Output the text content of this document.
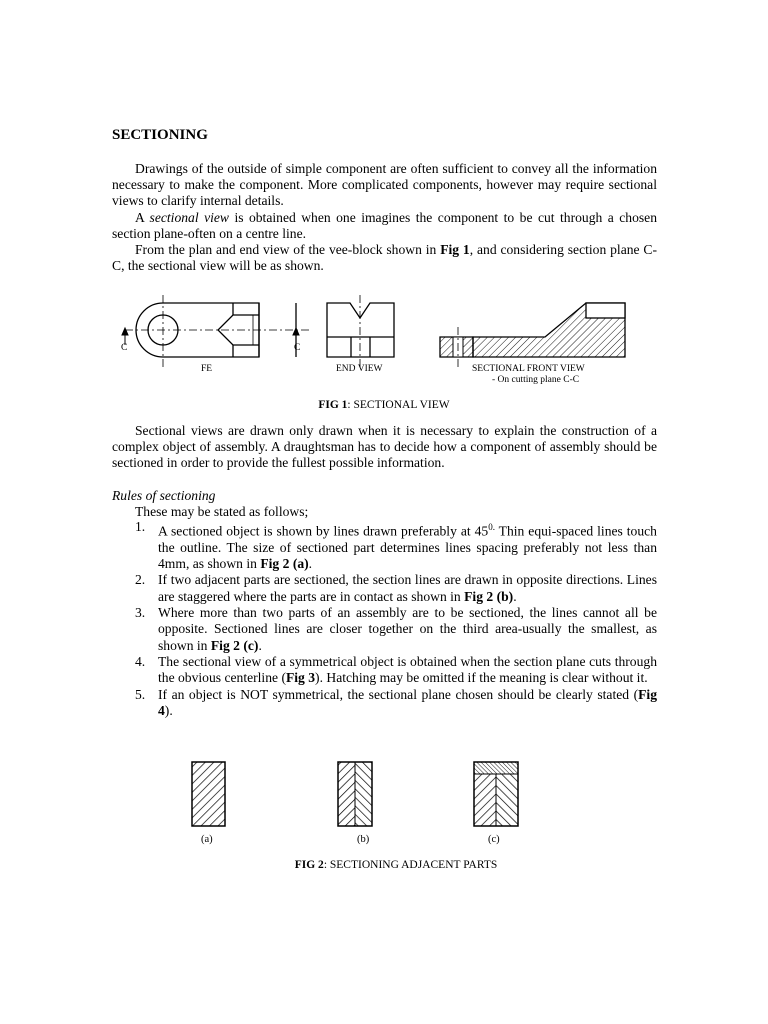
SECTIONING
Drawings of the outside of simple component are often sufficient to convey all the information necessary to make the component. More complicated components, however may require sectional views to clarify internal details.
A sectional view is obtained when one imagines the component to be cut through a chosen section plane-often on a centre line.
From the plan and end view of the vee-block shown in Fig 1, and considering section plane C-C, the sectional view will be as shown.
C	C
FE	END VIEW	SECTIONAL FRONT VIEW
- On cutting plane C-C
FIG 1: SECTIONAL VIEW
Sectional views are drawn only drawn when it is necessary to explain the construction of a complex object of assembly. A draughtsman has to decide how a component of assembly should be sectioned in order to provide the fullest possible information.
Rules of sectioning
These may be stated as follows;
1. A sectioned object is shown by lines drawn preferably at $45^{0.}$ Thin equi-spaced lines touch the outline. The size of sectioned part determines lines spacing preferably not less than 4mm, as shown in Fig 2 (a).
2. If two adjacent parts are sectioned, the section lines are drawn in opposite directions. Lines are staggered where the parts are in contact as shown in Fig 2 (b).
3. Where more than two parts of an assembly are to be sectioned, the lines cannot all be opposite. Sectioned lines are closer together on the third area-usually the smallest, as shown in Fig 2 (c).
4. The sectional view of a symmetrical object is obtained when the section plane cuts through the obvious centerline (Fig 3). Hatching may be omitted if the meaning is clear without it.
5. If an object is NOT symmetrical, the sectional plane chosen should be clearly stated (Fig 4).
(a)	(b)	(c)
FIG 2: SECTIONING ADJACENT PARTS
